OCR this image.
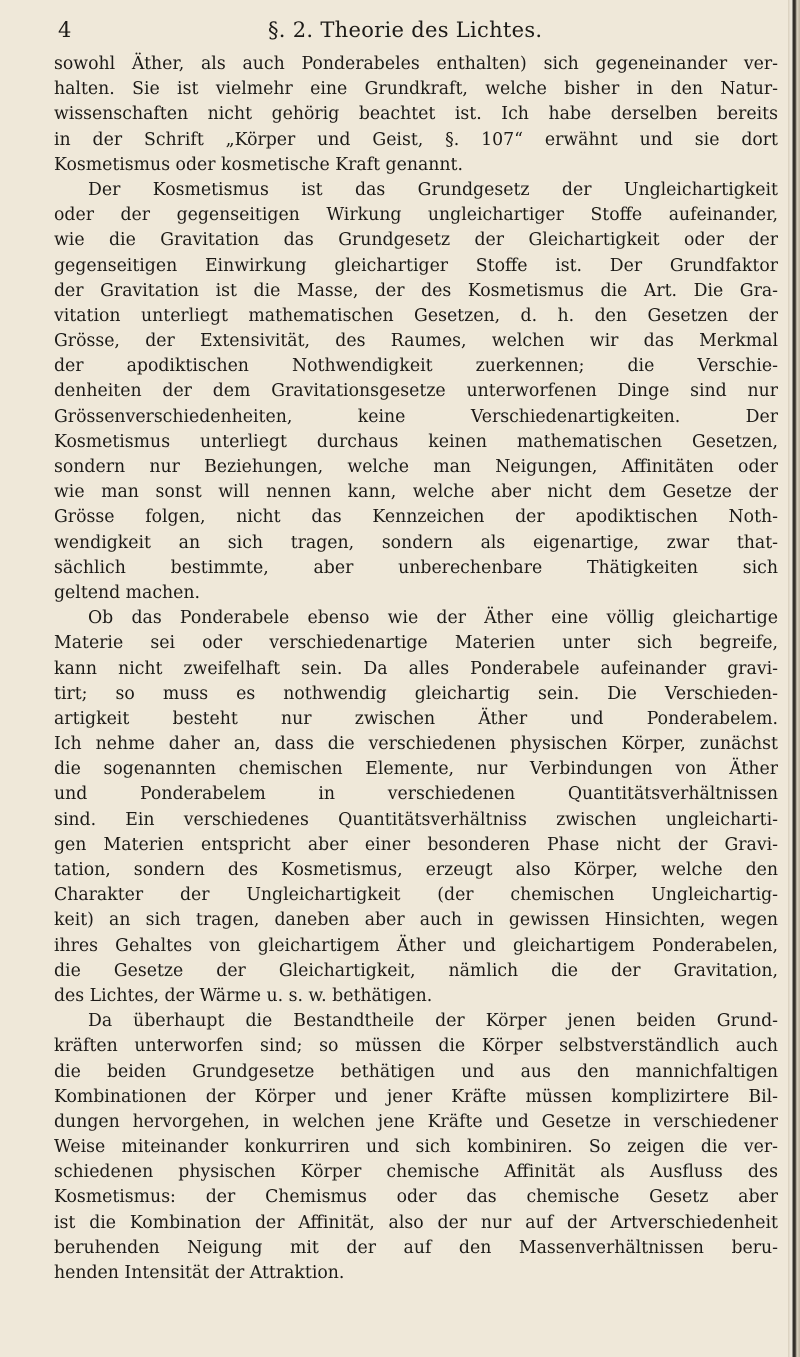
4	§. 2. Theorie des Lichtes.
sowohl Äther, als auch Ponderabeles enthalten) sich gegeneinander ver-
halten. Sie ist vielmehr eine Grundkraft, welche bisher in den Natur-
wissenschaften nicht gehörig beachtet ist. Ich habe derselben bereits
in der Schrift „Körper und Geist, §. 107“ erwähnt und sie dort
Kosmetismus oder kosmetische Kraft genannt.
Der Kosmetismus ist das Grundgesetz der Ungleichartigkeit
oder der gegenseitigen Wirkung ungleichartiger Stoffe aufeinander,
wie die Gravitation das Grundgesetz der Gleichartigkeit oder der
gegenseitigen Einwirkung gleichartiger Stoffe ist. Der Grundfaktor
der Gravitation ist die Masse, der des Kosmetismus die Art. Die Gra-
vitation unterliegt mathematischen Gesetzen, d. h. den Gesetzen der
Grösse, der Extensivität, des Raumes, welchen wir das Merkmal
der apodiktischen Nothwendigkeit zuerkennen; die Verschie-
denheiten der dem Gravitationsgesetze unterworfenen Dinge sind nur
Grössenverschiedenheiten, keine Verschiedenartigkeiten. Der
Kosmetismus unterliegt durchaus keinen mathematischen Gesetzen,
sondern nur Beziehungen, welche man Neigungen, Affinitäten oder
wie man sonst will nennen kann, welche aber nicht dem Gesetze der
Grösse folgen, nicht das Kennzeichen der apodiktischen Noth-
wendigkeit an sich tragen, sondern als eigenartige, zwar that-
sächlich bestimmte, aber unberechenbare Thätigkeiten sich
geltend machen.
Ob das Ponderabele ebenso wie der Äther eine völlig gleichartige
Materie sei oder verschiedenartige Materien unter sich begreife,
kann nicht zweifelhaft sein. Da alles Ponderabele aufeinander gravi-
tirt; so muss es nothwendig gleichartig sein. Die Verschieden-
artigkeit besteht nur zwischen Äther und Ponderabelem.
Ich nehme daher an, dass die verschiedenen physischen Körper, zunächst
die sogenannten chemischen Elemente, nur Verbindungen von Äther
und Ponderabelem in verschiedenen Quantitätsverhältnissen
sind. Ein verschiedenes Quantitätsverhältniss zwischen ungleicharti-
gen Materien entspricht aber einer besonderen Phase nicht der Gravi-
tation, sondern des Kosmetismus, erzeugt also Körper, welche den
Charakter der Ungleichartigkeit (der chemischen Ungleichartig-
keit) an sich tragen, daneben aber auch in gewissen Hinsichten, wegen
ihres Gehaltes von gleichartigem Äther und gleichartigem Ponderabelen,
die Gesetze der Gleichartigkeit, nämlich die der Gravitation,
des Lichtes, der Wärme u. s. w. bethätigen.
Da überhaupt die Bestandtheile der Körper jenen beiden Grund-
kräften unterworfen sind; so müssen die Körper selbstverständlich auch
die beiden Grundgesetze bethätigen und aus den mannichfaltigen
Kombinationen der Körper und jener Kräfte müssen komplizirtere Bil-
dungen hervorgehen, in welchen jene Kräfte und Gesetze in verschiedener
Weise miteinander konkurriren und sich kombiniren. So zeigen die ver-
schiedenen physischen Körper chemische Affinität als Ausfluss des
Kosmetismus: der Chemismus oder das chemische Gesetz aber
ist die Kombination der Affinität, also der nur auf der Artverschiedenheit
beruhenden Neigung mit der auf den Massenverhältnissen beru-
henden Intensität der Attraktion.
